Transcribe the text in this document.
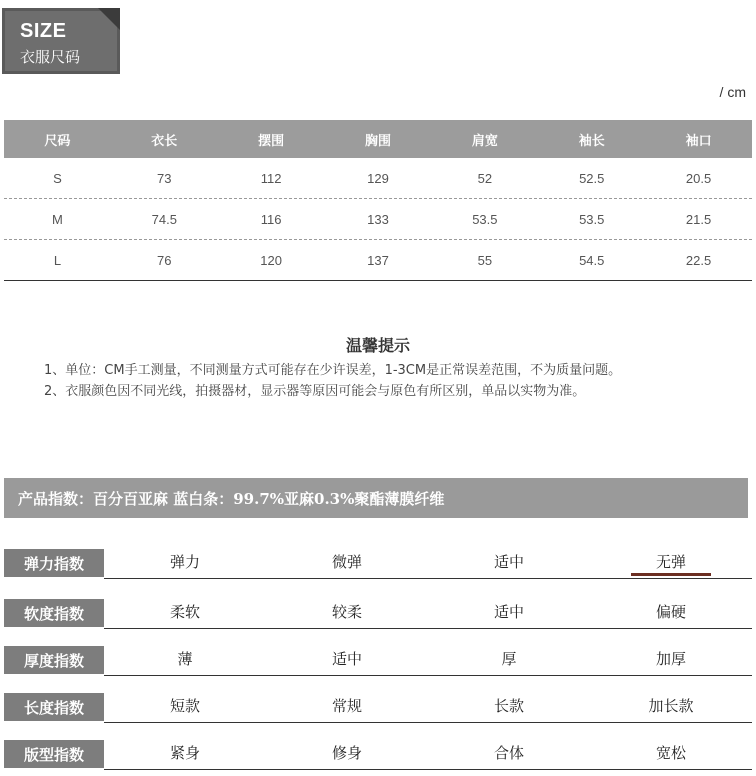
SIZE
衣服尺码
/ cm
尺码	衣长	摆围	胸围	肩宽	袖长	袖口
S	73	112	129	52	52.5	20.5
M	74.5	116	133	53.5	53.5	21.5
L	76	120	137	55	54.5	22.5
温馨提示
1、单位：CM手工测量，不同测量方式可能存在少许误差，1-3CM是正常误差范围，不为质量问题。
2、衣服颜色因不同光线，拍摄器材，显示器等原因可能会与原色有所区别，单品以实物为准。
产品指数：百分百亚麻 蓝白条：99.7%亚麻0.3%聚酯薄膜纤维
弹力指数	弹力	微弹	适中	无弹
软度指数	柔软	较柔	适中	偏硬
厚度指数	薄	适中	厚	加厚
长度指数	短款	常规	长款	加长款
版型指数	紧身	修身	合体	宽松
